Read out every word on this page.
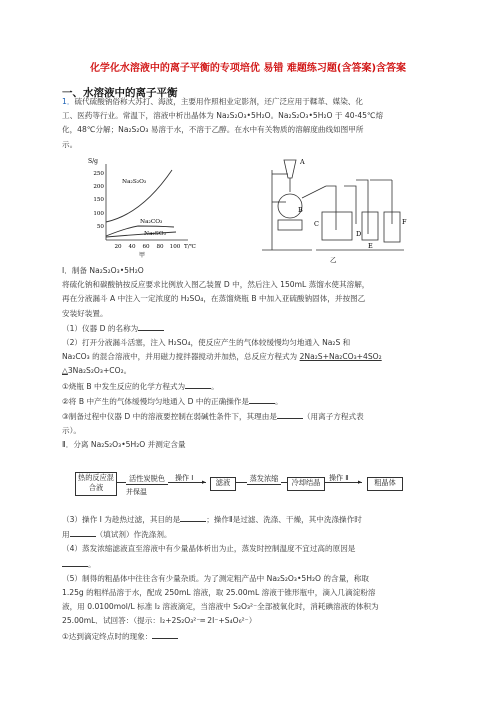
化学化水溶液中的离子平衡的专项培优 易错 难题练习题(含答案)含答案
一、水溶液中的离子平衡
1．硫代硫酸钠俗称大苏打、海波，主要用作照相业定影剂，还广泛应用于鞣革、媒染、化
工、医药等行业。常温下，溶液中析出晶体为 Na₂S₂O₃•5H₂O。Na₂S₂O₃•5H₂O 于 40-45℃熔
化，48℃分解；Na₂S₂O₃ 易溶于水，不溶于乙醇。在水中有关物质的溶解度曲线如图甲所
示。
S/g
250
200
150
100
50
20 40 60 80 100 T/℃
Na₂S₂O₃
Na₂CO₃
Na₂SO₃
甲
A
B
C
D
E
F
乙
Ⅰ．制备 Na₂S₂O₃•5H₂O
将硫化钠和碳酸钠按反应要求比例放入图乙装置 D 中，然后注入 150mL 蒸馏水使其溶解，
再在分液漏斗 A 中注入一定浓度的 H₂SO₄，在蒸馏烧瓶 B 中加入亚硫酸钠固体，并按图乙
安装好装置。
（1）仪器 D 的名称为
（2）打开分液漏斗活塞，注入 H₂SO₄，使反应产生的气体较缓慢均匀地通入 Na₂S 和
Na₂CO₃ 的混合溶液中，并用磁力搅拌器搅动并加热，总反应方程式为 2Na₂S+Na₂CO₃+4SO₂
△3Na₂S₂O₃+CO₂。
①烧瓶 B 中发生反应的化学方程式为	。
②将 B 中产生的气体缓慢均匀地通入 D 中的正确操作是	。
③制备过程中仪器 D 中的溶液要控制在弱碱性条件下，其理由是	（用离子方程式表
示）。
Ⅱ．分离 Na₂S₂O₃•5H₂O 并测定含量
热的反应混合液
活性炭脱色
并保温
操作 Ⅰ ▸	滤液	蒸发浓缩	冷却结晶	操作 Ⅱ ▸	粗晶体
（3）操作 I 为趁热过滤，其目的是	；操作Ⅱ是过滤、洗涤、干燥，其中洗涤操作时
用	（填试剂）作洗涤剂。
（4）蒸发浓缩滤液直至溶液中有少量晶体析出为止，蒸发时控制温度不宜过高的原因是
。
（5）制得的粗晶体中往往含有少量杂质。为了测定粗产品中 Na₂S₂O₃•5H₂O 的含量，称取
1.25g 的粗样品溶于水，配成 250mL 溶液，取 25.00mL 溶液于锥形瓶中，滴入几滴淀粉溶
液，用 0.0100mol/L 标准 I₂ 溶液滴定，当溶液中 S₂O₃²⁻全部被氧化时，消耗碘溶液的体积为
25.00mL．试回答：（提示：I₂+2S₂O₃²⁻═ 2I⁻+S₄O₆²⁻）
①达到滴定终点时的现象：
